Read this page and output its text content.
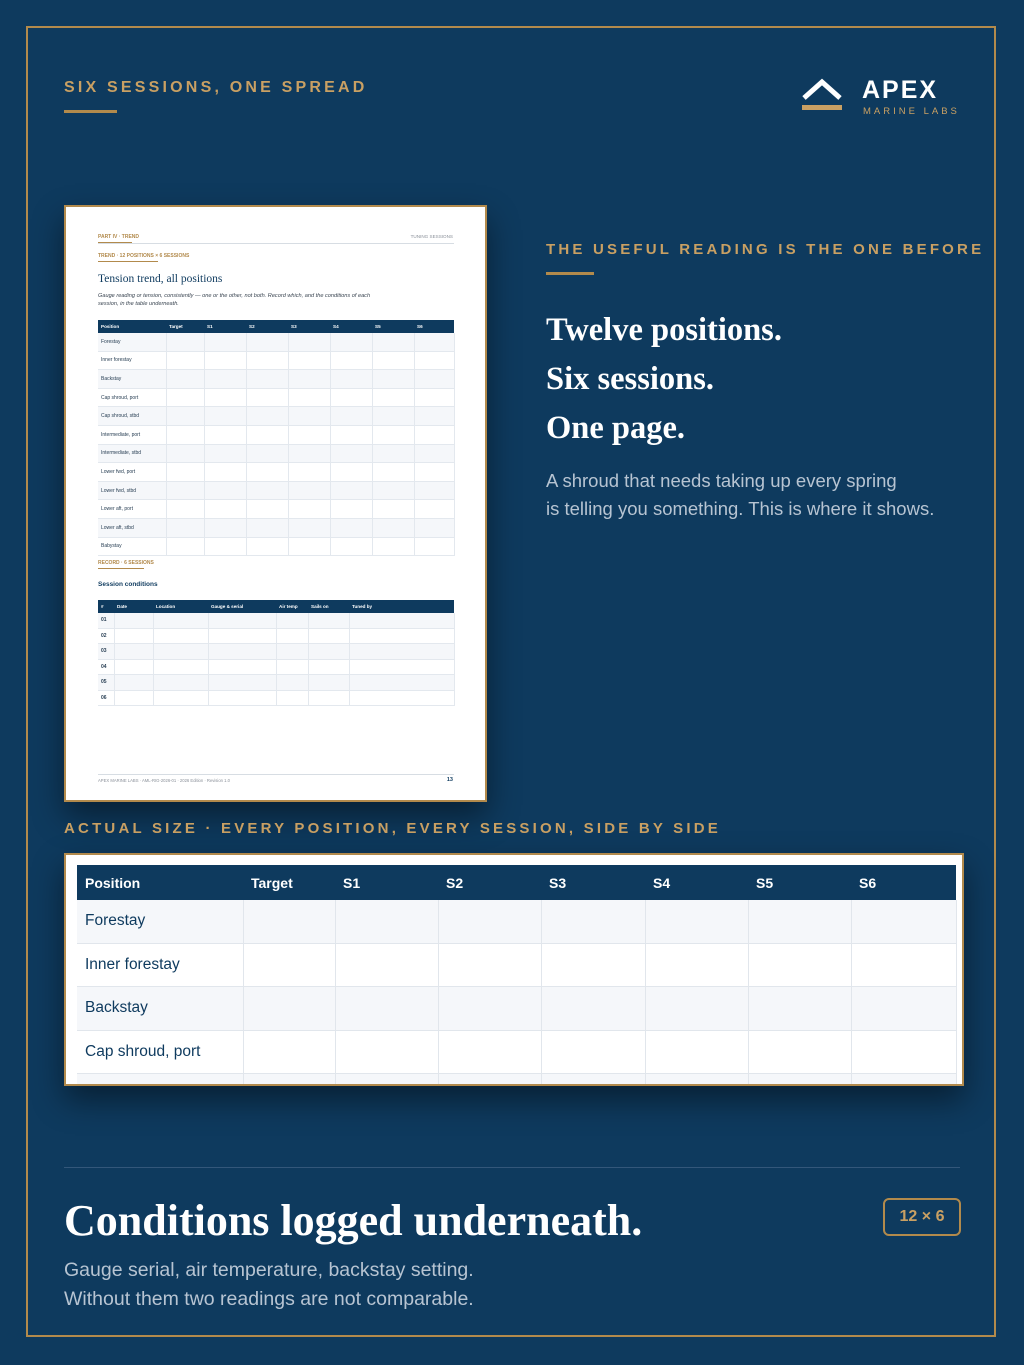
SIX SESSIONS, ONE SPREAD	APEX
MARINE LABS
PART IV · TREND	TUNING SESSIONS
TREND · 12 POSITIONS × 6 SESSIONS
Tension trend, all positions
Gauge reading or tension, consistently — one or the other, not both. Record which, and the conditions of each
session, in the table underneath.
Position	Target	S1	S2	S3	S4	S5	S6
Forestay							
Inner forestay							
Backstay							
Cap shroud, port							
Cap shroud, stbd							
Intermediate, port							
Intermediate, stbd							
Lower fwd, port							
Lower fwd, stbd							
Lower aft, port							
Lower aft, stbd							
Babystay							
RECORD · 6 SESSIONS
Session conditions
#	Date	Location	Gauge & serial	Air temp	Sails on	Tuned by
01						
02						
03						
04						
05						
06						
APEX MARINE LABS · AML-RIG-2026-01 · 2026 Edition · Revision 1.0	13
THE USEFUL READING IS THE ONE BEFORE
Twelve positions.
Six sessions.
One page.
A shroud that needs taking up every spring
is telling you something. This is where it shows.
ACTUAL SIZE · EVERY POSITION, EVERY SESSION, SIDE BY SIDE
Position	Target	S1	S2	S3	S4	S5	S6
Forestay							
Inner forestay							
Backstay							
Cap shroud, port							

Conditions logged underneath.	12 × 6
Gauge serial, air temperature, backstay setting.
Without them two readings are not comparable.
